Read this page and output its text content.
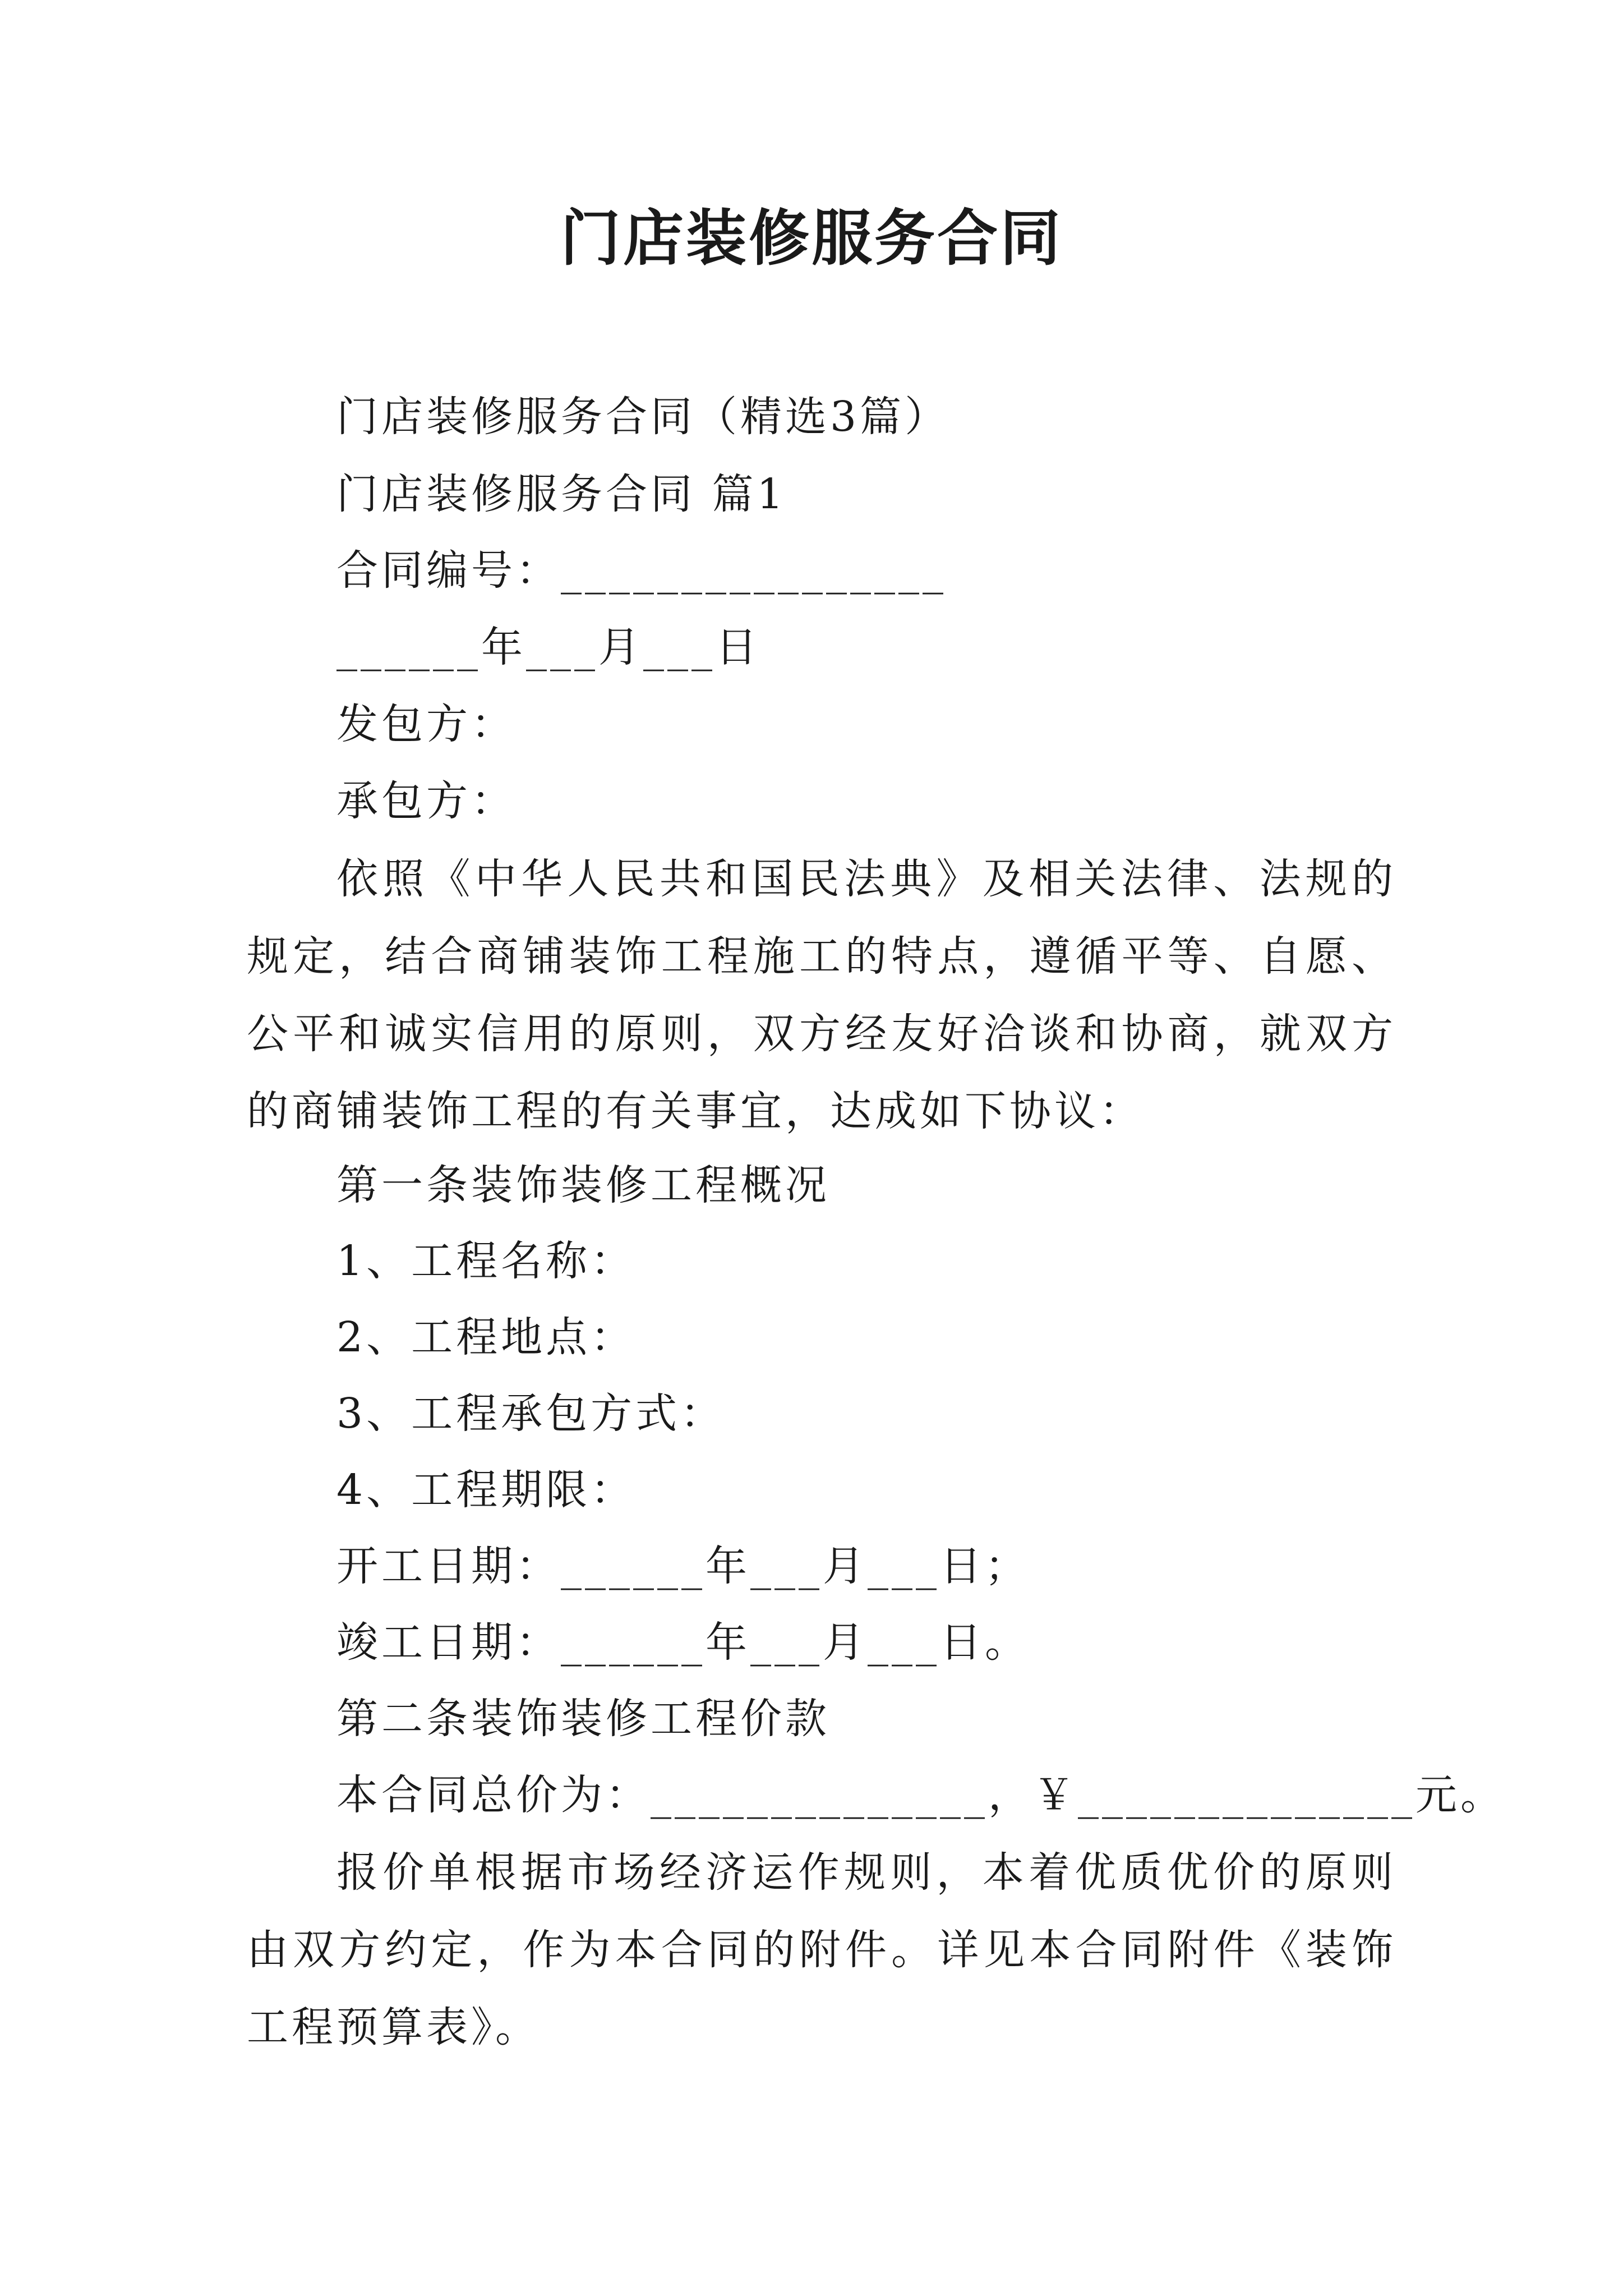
门店装修服务合同
门店装修服务合同（精选3篇）
门店装修服务合同 篇1
合同编号：________________
______年___月___日
发包方：
承包方：
依照《中华人民共和国民法典》及相关法律、法规的规定，结合商铺装饰工程施工的特点，遵循平等、自愿、公平和诚实信用的原则，双方经友好洽谈和协商，就双方的商铺装饰工程的有关事宜，达成如下协议：
第一条装饰装修工程概况
1、工程名称：
2、工程地点：
3、工程承包方式：
4、工程期限：
开工日期：______年___月___日；
竣工日期：______年___月___日。
第二条装饰装修工程价款
本合同总价为：______________，￥______________元。
报价单根据市场经济运作规则，本着优质优价的原则由双方约定，作为本合同的附件。详见本合同附件《装饰工程预算表》。
